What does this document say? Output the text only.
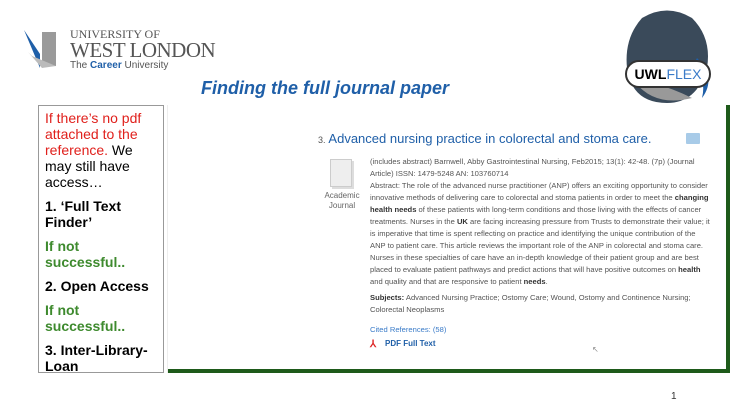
UNIVERSITY OF
WEST LONDON
The Career University
UWLFLEX
Finding the full journal paper

If there’s no pdf attached to the reference. We may still have access…

1. ‘Full Text Finder’

If not successful..

2. Open Access

If not successful..

3. Inter-Library-Loan

3. Advanced nursing practice in colorectal and stoma care.
Academic Journal
(includes abstract) Barnwell, Abby Gastrointestinal Nursing, Feb2015; 13(1): 42-48. (7p) (Journal Article) ISSN: 1479-5248 AN: 103760714
Abstract: The role of the advanced nurse practitioner (ANP) offers an exciting opportunity to consider innovative methods of delivering care to colorectal and stoma patients in order to meet the changing health needs of these patients with long-term conditions and those living with the effects of cancer treatments. Nurses in the UK are facing increasing pressure from Trusts to demonstrate their value; it is imperative that time is spent reflecting on practice and identifying the unique contribution of the ANP to patient care. This article reviews the important role of the ANP in colorectal and stoma care. Nurses in these specialties of care have an in-depth knowledge of their patient group and are best placed to evaluate patient pathways and predict actions that will have positive outcomes on health and quality and that are responsive to patient needs.
Subjects: Advanced Nursing Practice; Ostomy Care; Wound, Ostomy and Continence Nursing; Colorectal Neoplasms
Cited References: (58)
⅄	PDF Full Text
↖
1
